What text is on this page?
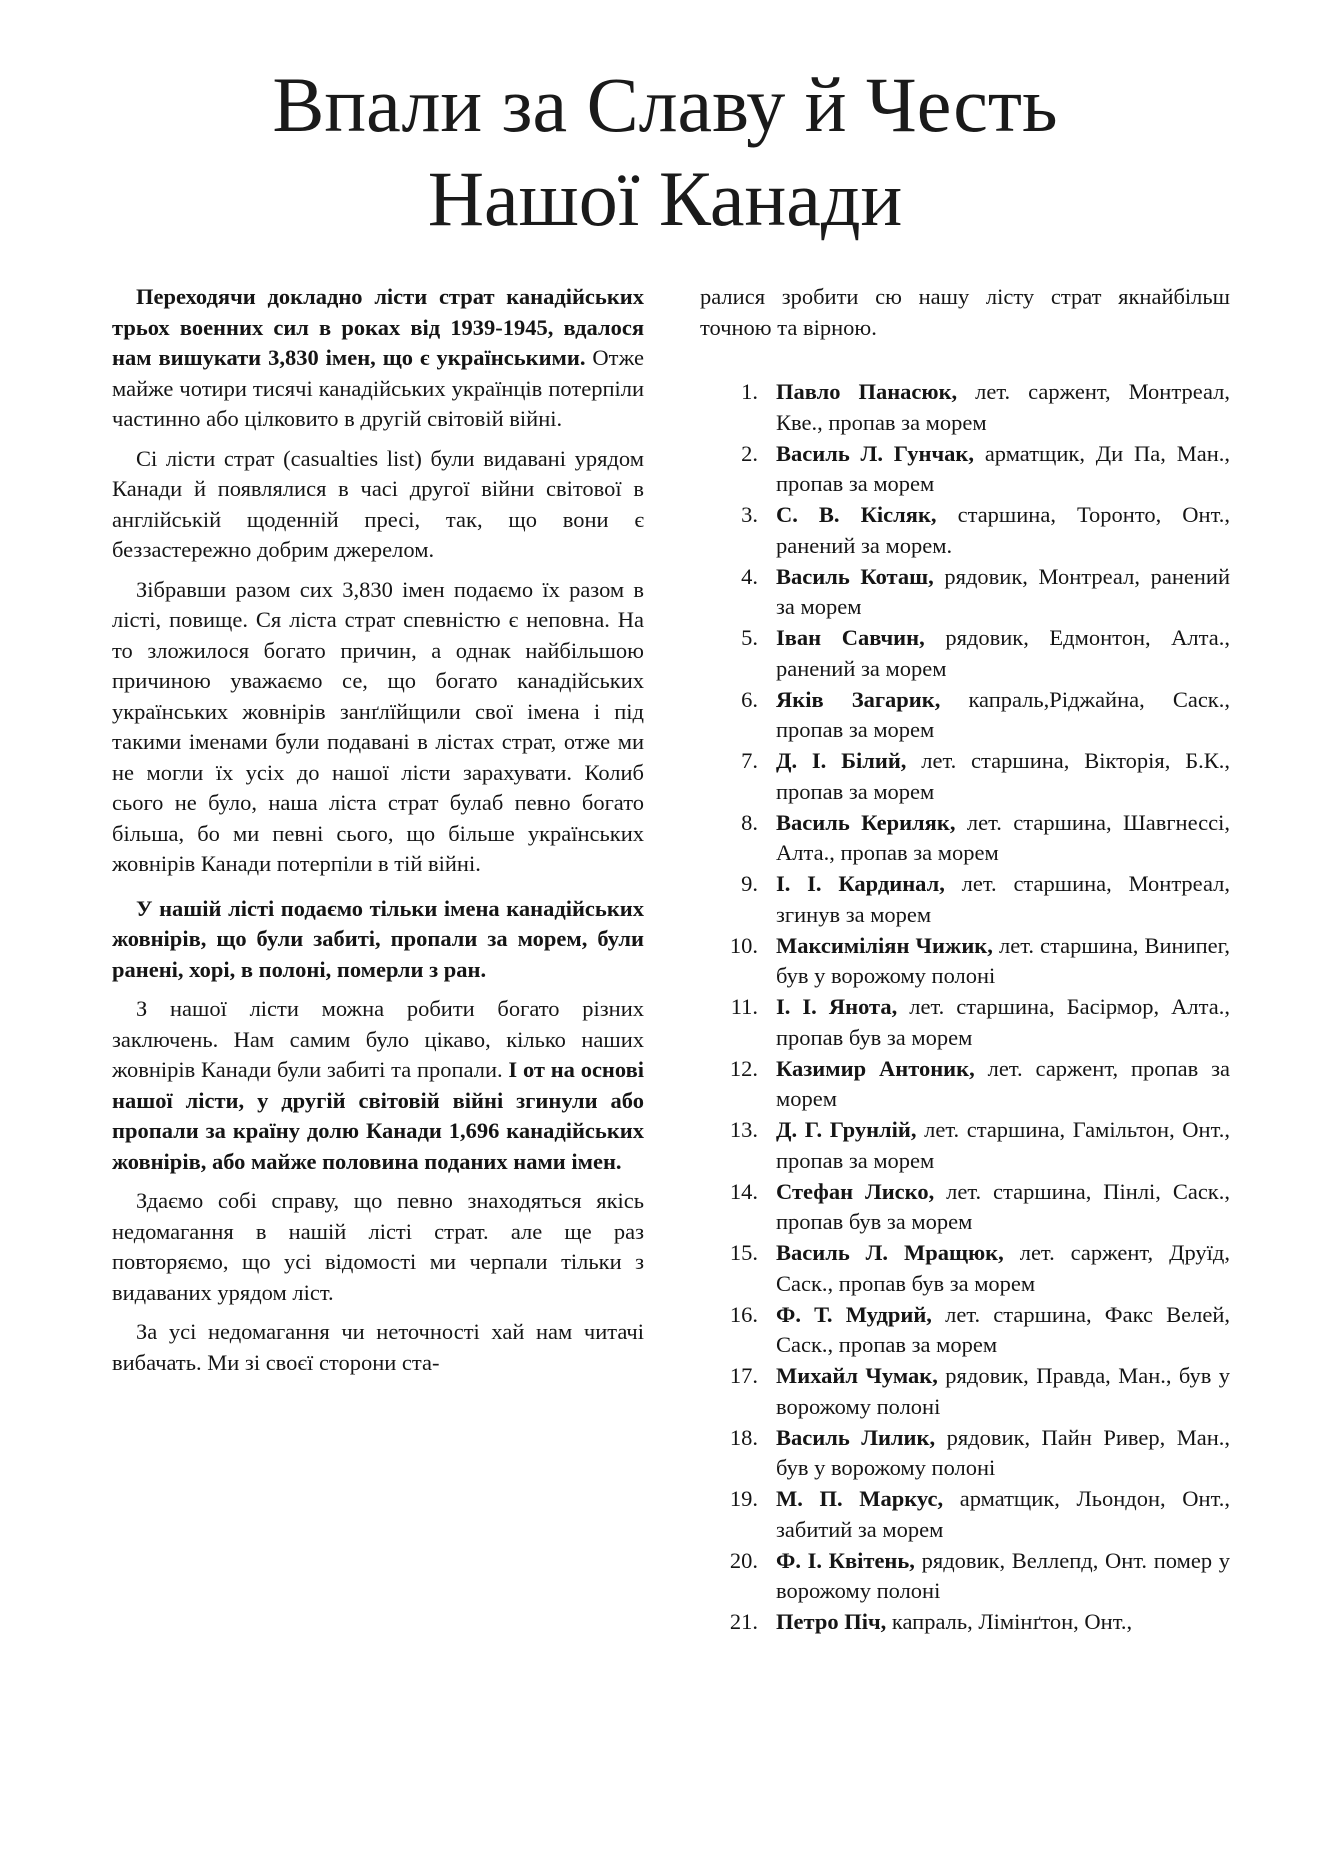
Впали за Славу й Честь
Нашої Канади

Переходячи докладно лісти страт канадійських трьох военних сил в роках від 1939-1945, вдалося нам вишукати 3,830 імен, що є українськими. Отже майже чотири тисячі канадійських українців потерпіли частинно або цілковито в другій світовій війні.

Сі лісти страт (casualties list) були видавані урядом Канади й появлялися в часі другої війни світової в англійській щоденній пресі, так, що вони є беззастережно добрим джерелом.

Зібравши разом сих 3,830 імен подаємо їх разом в лісті, повище. Ся ліста страт спевністю є неповна. На то зложилося богато причин, а однак найбільшою причиною уважаємо се, що богато канадійських українських жовнірів занґлїйщили свої імена і під такими іменами були подавані в лістах страт, отже ми не могли їх усіх до нашої лісти зарахувати. Колиб сього не було, наша ліста страт булаб певно богато більша, бо ми певні сього, що більше українських жовнірів Канади потерпіли в тій війні.

У нашій лісті подаємо тільки імена канадійських жовнірів, що були забиті, пропали за морем, були ранені, хорі, в полоні, померли з ран.

З нашої лісти можна робити богато різних заключень. Нам самим було цікаво, кілько наших жовнірів Канади були забиті та пропали. І от на основі нашої лісти, у другій світовій війні згинули або пропали за країну долю Канади 1,696 канадійських жовнірів, або майже половина поданих нами імен.

Здаємо собі справу, що певно знаходяться якісь недомагання в нашій лісті страт. але ще раз повторяємо, що усі відомості ми черпали тільки з видаваних урядом ліст.

За усі недомагання чи неточності хай нам читачі вибачать. Ми зі своєї сторони ста-

ралися зробити сю нашу лісту страт якнайбільш точною та вірною.

1. Павло Панасюк, лет. саржент, Монтреал, Кве., пропав за морем
2. Василь Л. Гунчак, арматщик, Ди Па, Ман., пропав за морем
3. С. В. Кісляк, старшина, Торонто, Онт., ранений за морем.
4. Василь Коташ, рядовик, Монтреал, ранений за морем
5. Іван Савчин, рядовик, Едмонтон, Алта., ранений за морем
6. Яків Загарик, капраль,Ріджайна, Саск., пропав за морем
7. Д. І. Білий, лет. старшина, Вікторія, Б.К., пропав за морем
8. Василь Кериляк, лет. старшина, Шавгнессі, Алта., пропав за морем
9. І. І. Кардинал, лет. старшина, Монтреал, згинув за морем
10. Максиміліян Чижик, лет. старшина, Винипег, був у ворожому полоні
11. І. І. Янота, лет. старшина, Басірмор, Алта., пропав був за морем
12. Казимир Антоник, лет. саржент, пропав за морем
13. Д. Г. Грунлій, лет. старшина, Гамільтон, Онт., пропав за морем
14. Стефан Лиско, лет. старшина, Пінлі, Саск., пропав був за морем
15. Василь Л. Мращюк, лет. саржент, Друїд, Саск., пропав був за морем
16. Ф. Т. Мудрий, лет. старшина, Факс Велей, Саск., пропав за морем
17. Михайл Чумак, рядовик, Правда, Ман., був у ворожому полоні
18. Василь Лилик, рядовик, Пайн Ривер, Ман., був у ворожому полоні
19. М. П. Маркус, арматщик, Льондон, Онт., забитий за морем
20. Ф. І. Квітень, рядовик, Веллепд, Онт. помер у ворожому полоні
21. Петро Піч, капраль, Лімінґтон, Онт.,
